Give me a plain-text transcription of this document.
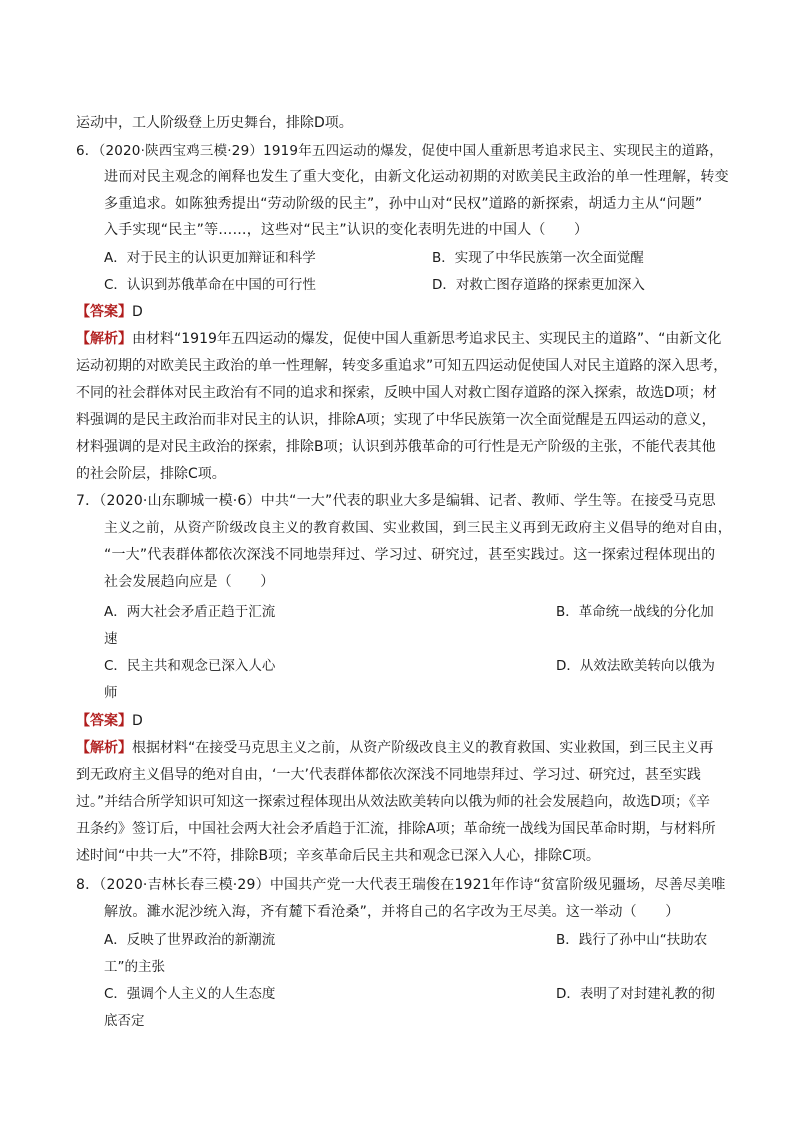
运动中，工人阶级登上历史舞台，排除D项。
6．（2020·陕西宝鸡三模·29）1919年五四运动的爆发，促使中国人重新思考追求民主、实现民主的道路，
进而对民主观念的阐释也发生了重大变化，由新文化运动初期的对欧美民主政治的单一性理解，转变
多重追求。如陈独秀提出“劳动阶级的民主”，孙中山对“民权”道路的新探索，胡适力主从“问题”
入手实现“民主”等……，这些对“民主”认识的变化表明先进的中国人（　　）
A．对于民主的认识更加辩证和科学	B．实现了中华民族第一次全面觉醒
C．认识到苏俄革命在中国的可行性	D．对救亡图存道路的探索更加深入
【答案】D
【解析】由材料“1919年五四运动的爆发，促使中国人重新思考追求民主、实现民主的道路”、“由新文化
运动初期的对欧美民主政治的单一性理解，转变多重追求”可知五四运动促使国人对民主道路的深入思考，
不同的社会群体对民主政治有不同的追求和探索，反映中国人对救亡图存道路的深入探索，故选D项；材
料强调的是民主政治而非对民主的认识，排除A项；实现了中华民族第一次全面觉醒是五四运动的意义，
材料强调的是对民主政治的探索，排除B项；认识到苏俄革命的可行性是无产阶级的主张，不能代表其他
的社会阶层，排除C项。
7．（2020·山东聊城一模·6）中共“一大”代表的职业大多是编辑、记者、教师、学生等。在接受马克思
主义之前，从资产阶级改良主义的教育救国、实业救国，到三民主义再到无政府主义倡导的绝对自由，
“一大”代表群体都依次深浅不同地崇拜过、学习过、研究过，甚至实践过。这一探索过程体现出的
社会发展趋向应是（　　）
A．两大社会矛盾正趋于汇流	B．革命统一战线的分化加
速
C．民主共和观念已深入人心	D．从效法欧美转向以俄为
师
【答案】D
【解析】根据材料“在接受马克思主义之前，从资产阶级改良主义的教育救国、实业救国，到三民主义再
到无政府主义倡导的绝对自由，‘一大’代表群体都依次深浅不同地崇拜过、学习过、研究过，甚至实践
过。”并结合所学知识可知这一探索过程体现出从效法欧美转向以俄为师的社会发展趋向，故选D项；《辛
丑条约》签订后，中国社会两大社会矛盾趋于汇流，排除A项；革命统一战线为国民革命时期，与材料所
述时间“中共一大”不符，排除B项；辛亥革命后民主共和观念已深入人心，排除C项。
8．（2020·吉林长春三模·29）中国共产党一大代表王瑞俊在1921年作诗“贫富阶级见疆场，尽善尽美唯
解放。濉水泥沙统入海，齐有麓下看沧桑”，并将自己的名字改为王尽美。这一举动（　　）
A．反映了世界政治的新潮流	B．践行了孙中山“扶助农
工”的主张
C．强调个人主义的人生态度	D．表明了对封建礼教的彻
底否定
